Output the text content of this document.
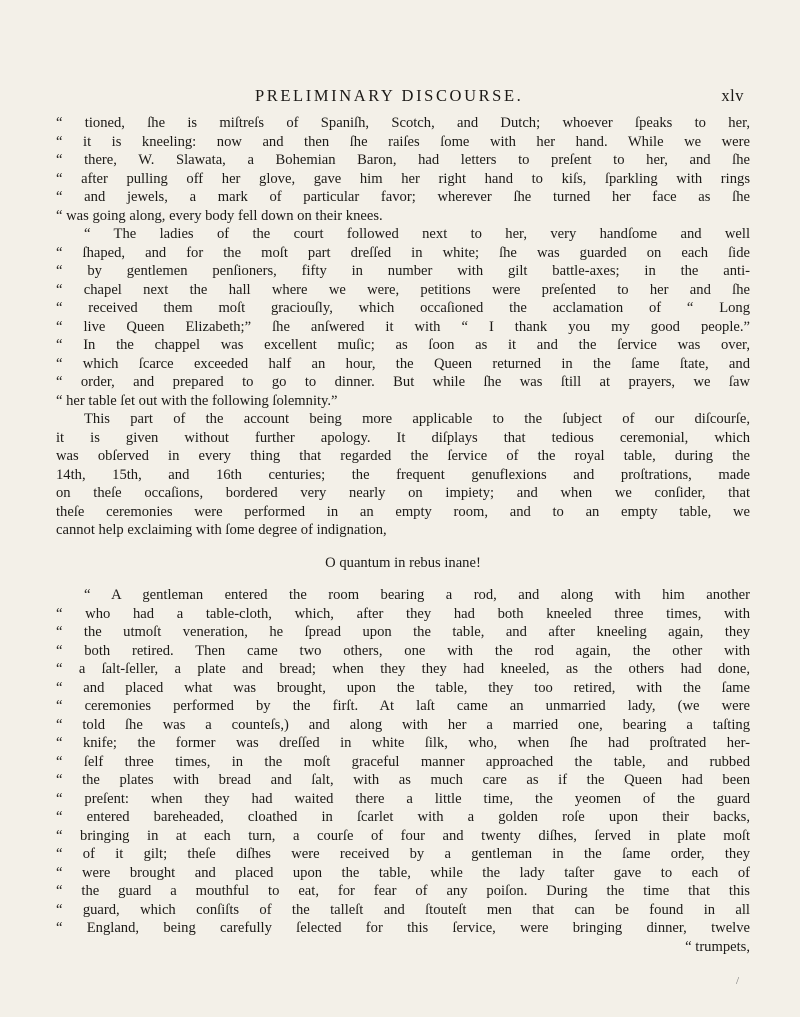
PRELIMINARY DISCOURSE.	xlv
“ tioned, ſhe is miſtreſs of Spaniſh, Scotch, and Dutch; whoever ſpeaks to her,
“ it is kneeling: now and then ſhe raiſes ſome with her hand. While we were
“ there, W. Slawata, a Bohemian Baron, had letters to preſent to her, and ſhe
“ after pulling off her glove, gave him her right hand to kiſs, ſparkling with rings
“ and jewels, a mark of particular favor; wherever ſhe turned her face as ſhe
“ was going along, every body fell down on their knees.
“ The ladies of the court followed next to her, very handſome and well
“ ſhaped, and for the moſt part dreſſed in white; ſhe was guarded on each ſide
“ by gentlemen penſioners, fifty in number with gilt battle-axes; in the anti-
“ chapel next the hall where we were, petitions were preſented to her and ſhe
“ received them moſt graciouſly, which occaſioned the acclamation of “ Long
“ live Queen Elizabeth;” ſhe anſwered it with “ I thank you my good people.”
“ In the chappel was excellent muſic; as ſoon as it and the ſervice was over,
“ which ſcarce exceeded half an hour, the Queen returned in the ſame ſtate, and
“ order, and prepared to go to dinner. But while ſhe was ſtill at prayers, we ſaw
“ her table ſet out with the following ſolemnity.”
This part of the account being more applicable to the ſubject of our diſcourſe,
it is given without further apology. It diſplays that tedious ceremonial, which
was obſerved in every thing that regarded the ſervice of the royal table, during the
14th, 15th, and 16th centuries; the frequent genuflexions and proſtrations, made
on theſe occaſions, bordered very nearly on impiety; and when we conſider, that
theſe ceremonies were performed in an empty room, and to an empty table, we
cannot help exclaiming with ſome degree of indignation,
O quantum in rebus inane!
“ A gentleman entered the room bearing a rod, and along with him another
“ who had a table-cloth, which, after they had both kneeled three times, with
“ the utmoſt veneration, he ſpread upon the table, and after kneeling again, they
“ both retired. Then came two others, one with the rod again, the other with
“ a ſalt-ſeller, a plate and bread; when they they had kneeled, as the others had done,
“ and placed what was brought, upon the table, they too retired, with the ſame
“ ceremonies performed by the firſt. At laſt came an unmarried lady, (we were
“ told ſhe was a counteſs,) and along with her a married one, bearing a taſting
“ knife; the former was dreſſed in white ſilk, who, when ſhe had proſtrated her-
“ ſelf three times, in the moſt graceful manner approached the table, and rubbed
“ the plates with bread and ſalt, with as much care as if the Queen had been
“ preſent: when they had waited there a little time, the yeomen of the guard
“ entered bareheaded, cloathed in ſcarlet with a golden roſe upon their backs,
“ bringing in at each turn, a courſe of four and twenty diſhes, ſerved in plate moſt
“ of it gilt; theſe diſhes were received by a gentleman in the ſame order, they
“ were brought and placed upon the table, while the lady taſter gave to each of
“ the guard a mouthful to eat, for fear of any poiſon. During the time that this
“ guard, which conſiſts of the talleſt and ſtouteſt men that can be found in all
“ England, being carefully ſelected for this ſervice, were bringing dinner, twelve
“ trumpets,
/
